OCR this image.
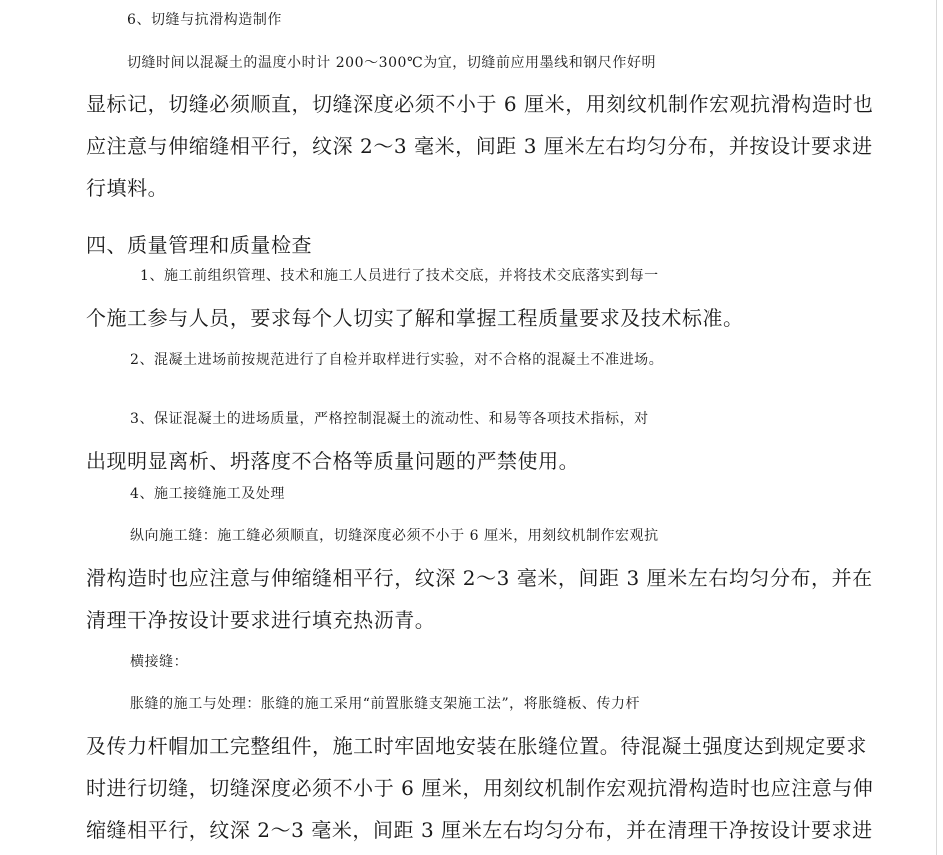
6、切缝与抗滑构造制作
切缝时间以混凝土的温度小时计 200～300℃为宜，切缝前应用墨线和钢尺作好明
显标记，切缝必须顺直，切缝深度必须不小于 6 厘米，用刻纹机制作宏观抗滑构造时也
应注意与伸缩缝相平行，纹深 2～3 毫米，间距 3 厘米左右均匀分布，并按设计要求进
行填料。
四、质量管理和质量检查
1、施工前组织管理、技术和施工人员进行了技术交底，并将技术交底落实到每一
个施工参与人员，要求每个人切实了解和掌握工程质量要求及技术标准。
2、混凝土进场前按规范进行了自检并取样进行实验，对不合格的混凝土不准进场。
3、保证混凝土的进场质量，严格控制混凝土的流动性、和易等各项技术指标，对
出现明显离析、坍落度不合格等质量问题的严禁使用。
4、施工接缝施工及处理
纵向施工缝：施工缝必须顺直，切缝深度必须不小于 6 厘米，用刻纹机制作宏观抗
滑构造时也应注意与伸缩缝相平行，纹深 2～3 毫米，间距 3 厘米左右均匀分布，并在
清理干净按设计要求进行填充热沥青。
横接缝：
胀缝的施工与处理：胀缝的施工采用“前置胀缝支架施工法”，将胀缝板、传力杆
及传力杆帽加工完整组件，施工时牢固地安装在胀缝位置。待混凝土强度达到规定要求
时进行切缝，切缝深度必须不小于 6 厘米，用刻纹机制作宏观抗滑构造时也应注意与伸
缩缝相平行，纹深 2～3 毫米，间距 3 厘米左右均匀分布，并在清理干净按设计要求进
